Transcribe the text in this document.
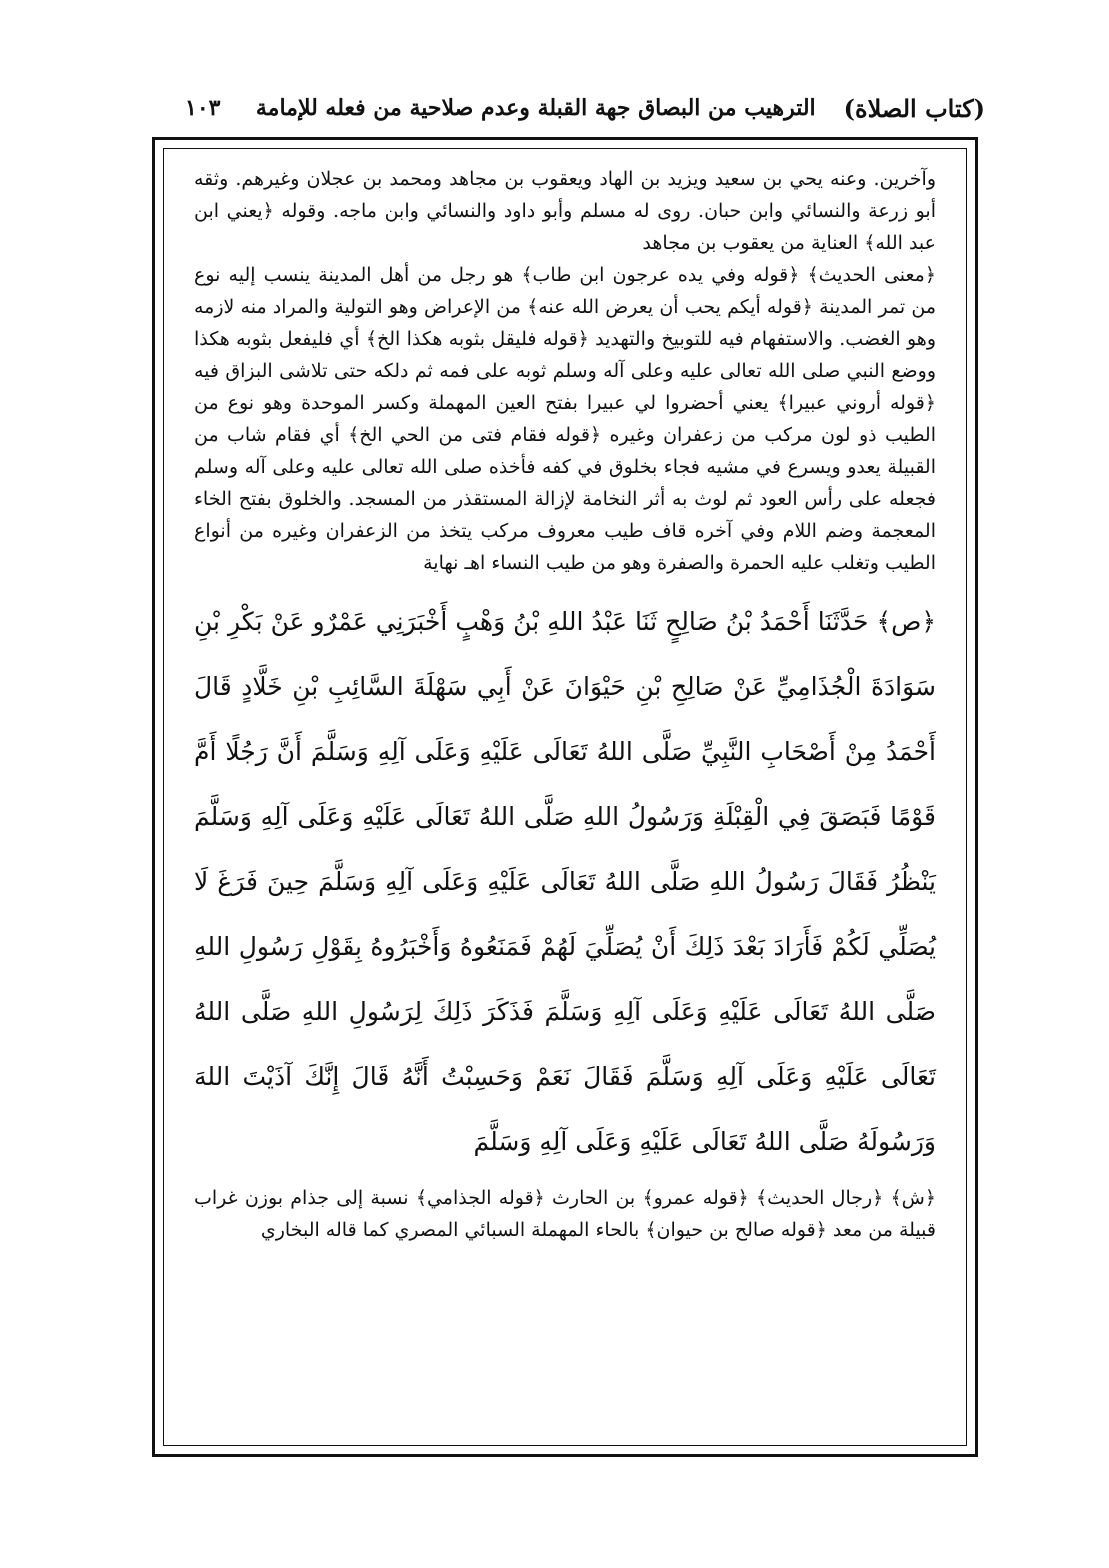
(كتاب الصلاة)
الترهيب من البصاق جهة القبلة وعدم صلاحية من فعله للإمامة
١٠٣

وآخرين. وعنه يحي بن سعيد ويزيد بن الهاد ويعقوب بن مجاهد ومحمد بن عجلان وغيرهم. وثقه أبو زرعة والنسائي وابن حبان. روى له مسلم وأبو داود والنسائي وابن ماجه. وقوله ﴿يعني ابن عبد الله﴾ العناية من يعقوب بن مجاهد

﴿معنى الحديث﴾ ﴿قوله وفي يده عرجون ابن طاب﴾ هو رجل من أهل المدينة ينسب إليه نوع من تمر المدينة ﴿قوله أيكم يحب أن يعرض الله عنه﴾ من الإعراض وهو التولية والمراد منه لازمه وهو الغضب. والاستفهام فيه للتوبيخ والتهديد ﴿قوله فليقل بثوبه هكذا الخ﴾ أي فليفعل بثوبه هكذا ووضع النبي صلى الله تعالى عليه وعلى آله وسلم ثوبه على فمه ثم دلكه حتى تلاشى البزاق فيه ﴿قوله أروني عبيرا﴾ يعني أحضروا لي عبيرا بفتح العين المهملة وكسر الموحدة وهو نوع من الطيب ذو لون مركب من زعفران وغيره ﴿قوله فقام فتى من الحي الخ﴾ أي فقام شاب من القبيلة يعدو ويسرع في مشيه فجاء بخلوق في كفه فأخذه صلى الله تعالى عليه وعلى آله وسلم فجعله على رأس العود ثم لوث به أثر النخامة لإزالة المستقذر من المسجد. والخلوق بفتح الخاء المعجمة وضم اللام وفي آخره قاف طيب معروف مركب يتخذ من الزعفران وغيره من أنواع الطيب وتغلب عليه الحمرة والصفرة وهو من طيب النساء اهـ نهاية

﴿ص﴾ حَدَّثَنَا أَحْمَدُ بْنُ صَالِحٍ ثَنَا عَبْدُ اللهِ بْنُ وَهْبٍ أَخْبَرَنِي عَمْرٌو عَنْ بَكْرِ بْنِ سَوَادَةَ الْجُذَامِيِّ عَنْ صَالِحِ بْنِ حَيْوَانَ عَنْ أَبِي سَهْلَةَ السَّائِبِ بْنِ خَلَّادٍ قَالَ أَحْمَدُ مِنْ أَصْحَابِ النَّبِيِّ صَلَّى اللهُ تَعَالَى عَلَيْهِ وَعَلَى آلِهِ وَسَلَّمَ أَنَّ رَجُلًا أَمَّ قَوْمًا فَبَصَقَ فِي الْقِبْلَةِ وَرَسُولُ اللهِ صَلَّى اللهُ تَعَالَى عَلَيْهِ وَعَلَى آلِهِ وَسَلَّمَ يَنْظُرُ فَقَالَ رَسُولُ اللهِ صَلَّى اللهُ تَعَالَى عَلَيْهِ وَعَلَى آلِهِ وَسَلَّمَ حِينَ فَرَغَ لَا يُصَلِّي لَكُمْ فَأَرَادَ بَعْدَ ذَلِكَ أَنْ يُصَلِّيَ لَهُمْ فَمَنَعُوهُ وَأَخْبَرُوهُ بِقَوْلِ رَسُولِ اللهِ صَلَّى اللهُ تَعَالَى عَلَيْهِ وَعَلَى آلِهِ وَسَلَّمَ فَذَكَرَ ذَلِكَ لِرَسُولِ اللهِ صَلَّى اللهُ تَعَالَى عَلَيْهِ وَعَلَى آلِهِ وَسَلَّمَ فَقَالَ نَعَمْ وَحَسِبْتُ أَنَّهُ قَالَ إِنَّكَ آذَيْتَ اللهَ وَرَسُولَهُ صَلَّى اللهُ تَعَالَى عَلَيْهِ وَعَلَى آلِهِ وَسَلَّمَ

﴿ش﴾ ﴿رجال الحديث﴾ ﴿قوله عمرو﴾ بن الحارث ﴿قوله الجذامي﴾ نسبة إلى جذام بوزن غراب قبيلة من معد ﴿قوله صالح بن حيوان﴾ بالحاء المهملة السبائي المصري كما قاله البخاري
